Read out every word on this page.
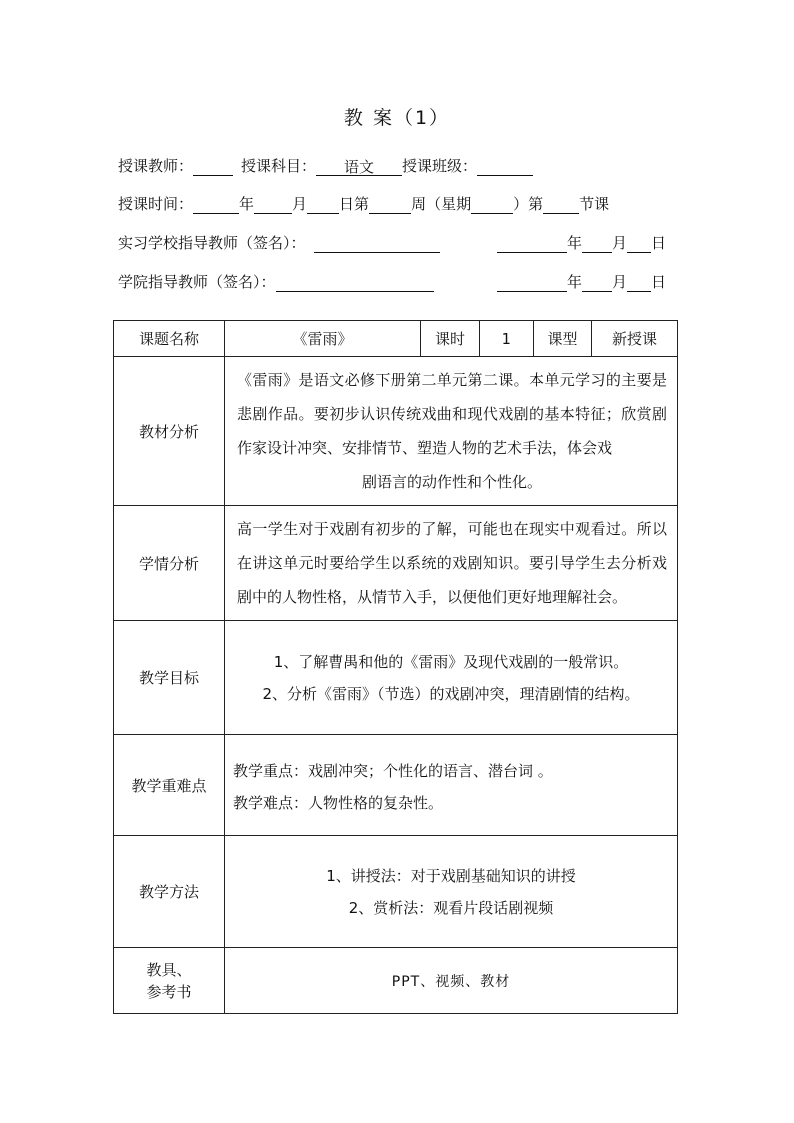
教 案（1）
授课教师：	授课科目：	语文	授课班级：
授课时间：	年	月 日第	周（星期	）第 节课
实习学校指导教师（签名）：	年 月 日
学院指导教师（签名）：	年 月 日
课题名称	《雷雨》	课时	1	课型	新授课
教材分析	《雷雨》是语文必修下册第二单元第二课。本单元学习的主要是悲剧作品。要初步认识传统戏曲和现代戏剧的基本特征；欣赏剧作家设计冲突、安排情节、塑造人物的艺术手法，体会戏
剧语言的动作性和个性化。				

学情分析	高一学生对于戏剧有初步的了解，可能也在现实中观看过。所以在讲这单元时要给学生以系统的戏剧知识。要引导学生去分析戏剧中的人物性格，从情节入手，以便他们更好地理解社会。				

教学目标	1、了解曹禺和他的《雷雨》及现代戏剧的一般常识。
2、分析《雷雨》（节选）的戏剧冲突，理清剧情的结构。				

教学重难点	教学重点：戏剧冲突；个性化的语言、潜台词 。
教学难点：人物性格的复杂性。				

教学方法	1、讲授法：对于戏剧基础知识的讲授
2、赏析法：观看片段话剧视频				

教具、
参考书	PPT、视频、教材				
